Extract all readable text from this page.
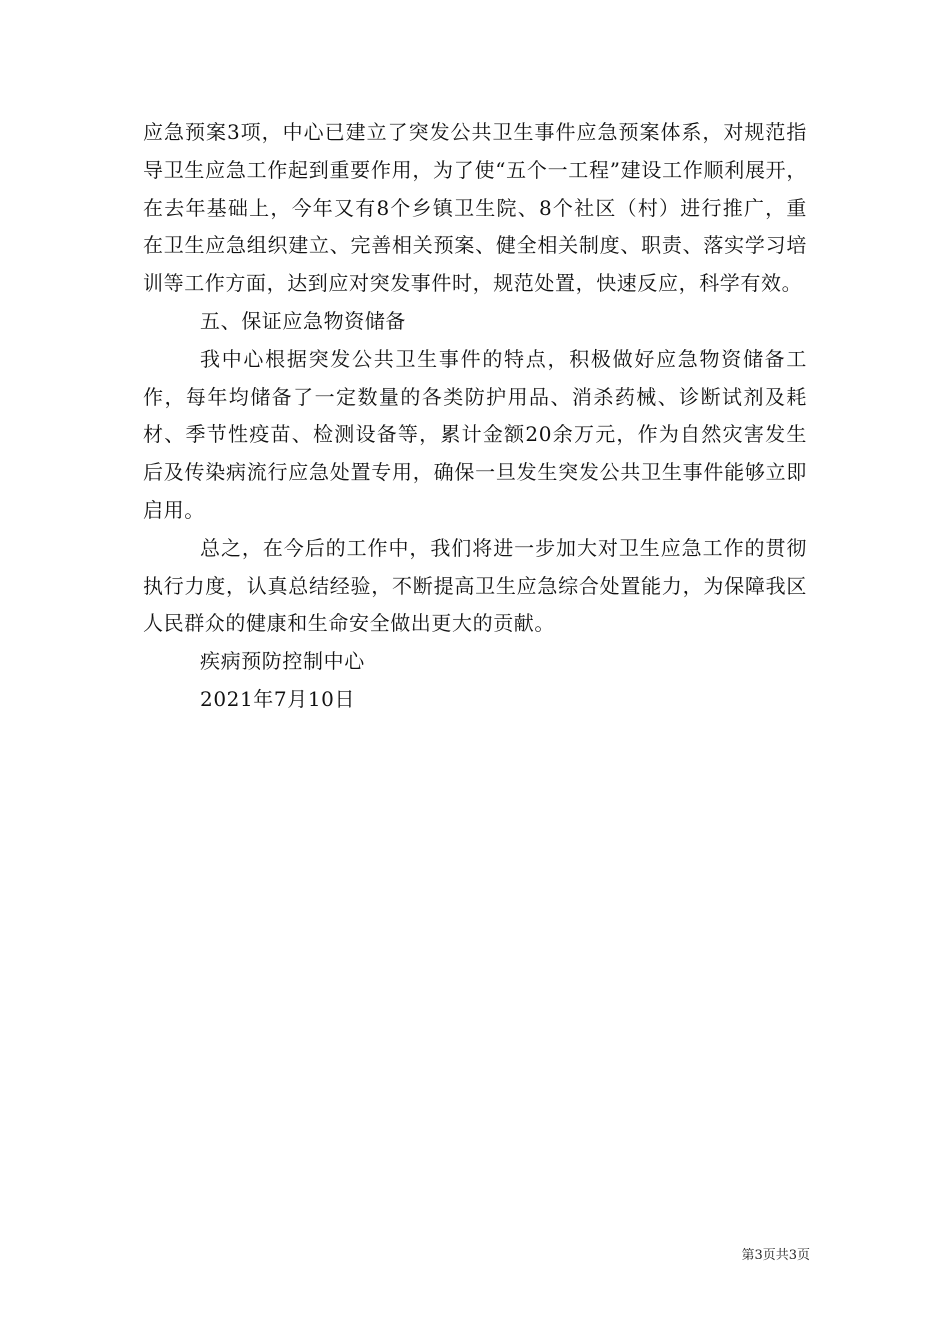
应急预案3项，中心已建立了突发公共卫生事件应急预案体系，对规范指导卫生应急工作起到重要作用，为了使“五个一工程”建设工作顺利展开，在去年基础上，今年又有8个乡镇卫生院、8个社区（村）进行推广，重在卫生应急组织建立、完善相关预案、健全相关制度、职责、落实学习培训等工作方面，达到应对突发事件时，规范处置，快速反应，科学有效。

五、保证应急物资储备

我中心根据突发公共卫生事件的特点，积极做好应急物资储备工作，每年均储备了一定数量的各类防护用品、消杀药械、诊断试剂及耗材、季节性疫苗、检测设备等，累计金额20余万元，作为自然灾害发生后及传染病流行应急处置专用，确保一旦发生突发公共卫生事件能够立即启用。

总之，在今后的工作中，我们将进一步加大对卫生应急工作的贯彻执行力度，认真总结经验，不断提高卫生应急综合处置能力，为保障我区人民群众的健康和生命安全做出更大的贡献。

疾病预防控制中心

2021年7月10日

第3页共3页
